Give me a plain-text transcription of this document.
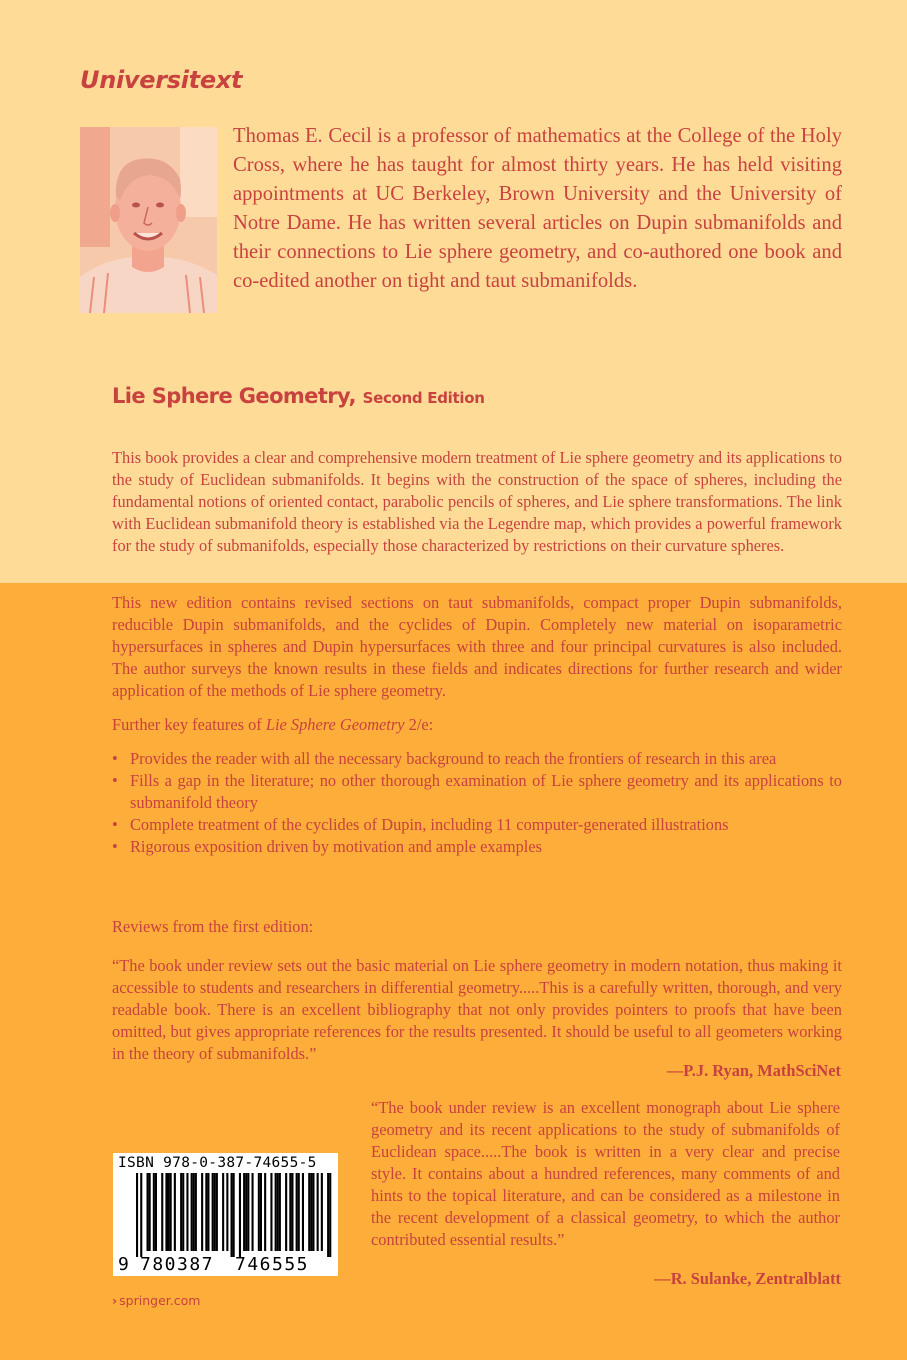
Universitext

Thomas E. Cecil is a professor of mathematics at the College of the Holy Cross, where he has taught for almost thirty years. He has held visiting appointments at UC Berkeley, Brown University and the University of Notre Dame. He has written several articles on Dupin submanifolds and their connections to Lie sphere geometry, and co-authored one book and co-edited another on tight and taut submanifolds.

Lie Sphere Geometry, Second Edition

This book provides a clear and comprehensive modern treatment of Lie sphere geometry and its applications to the study of Euclidean submanifolds. It begins with the construction of the space of spheres, including the fundamental notions of oriented contact, parabolic pencils of spheres, and Lie sphere transformations. The link with Euclidean submanifold theory is established via the Legendre map, which provides a powerful framework for the study of submanifolds, especially those characterized by restrictions on their curvature spheres.

This new edition contains revised sections on taut submanifolds, compact proper Dupin submanifolds, reducible Dupin submanifolds, and the cyclides of Dupin. Completely new material on isoparametric hypersurfaces in spheres and Dupin hypersurfaces with three and four principal curvatures is also included. The author surveys the known results in these fields and indicates directions for further research and wider application of the methods of Lie sphere geometry.

Further key features of Lie Sphere Geometry 2/e:

• Provides the reader with all the necessary background to reach the frontiers of research in this area
• Fills a gap in the literature; no other thorough examination of Lie sphere geometry and its applications to submanifold theory
• Complete treatment of the cyclides of Dupin, including 11 computer-generated illustrations
• Rigorous exposition driven by motivation and ample examples

Reviews from the first edition:

“The book under review sets out the basic material on Lie sphere geometry in modern notation, thus making it accessible to students and researchers in differential geometry.....This is a carefully written, thorough, and very readable book. There is an excellent bibliography that not only provides pointers to proofs that have been omitted, but gives appropriate references for the results presented. It should be useful to all geometers working in the theory of submanifolds.”

—P.J. Ryan, MathSciNet

“The book under review is an excellent monograph about Lie sphere geometry and its recent applications to the study of submanifolds of Euclidean space.....The book is written in a very clear and precise style. It contains about a hundred references, many comments of and hints to the topical literature, and can be considered as a milestone in the recent development of a classical geometry, to which the author contributed essential results.”

—R. Sulanke, Zentralblatt
ISBN 978-0-387-74655-5
9 780387 746555
› springer.com
